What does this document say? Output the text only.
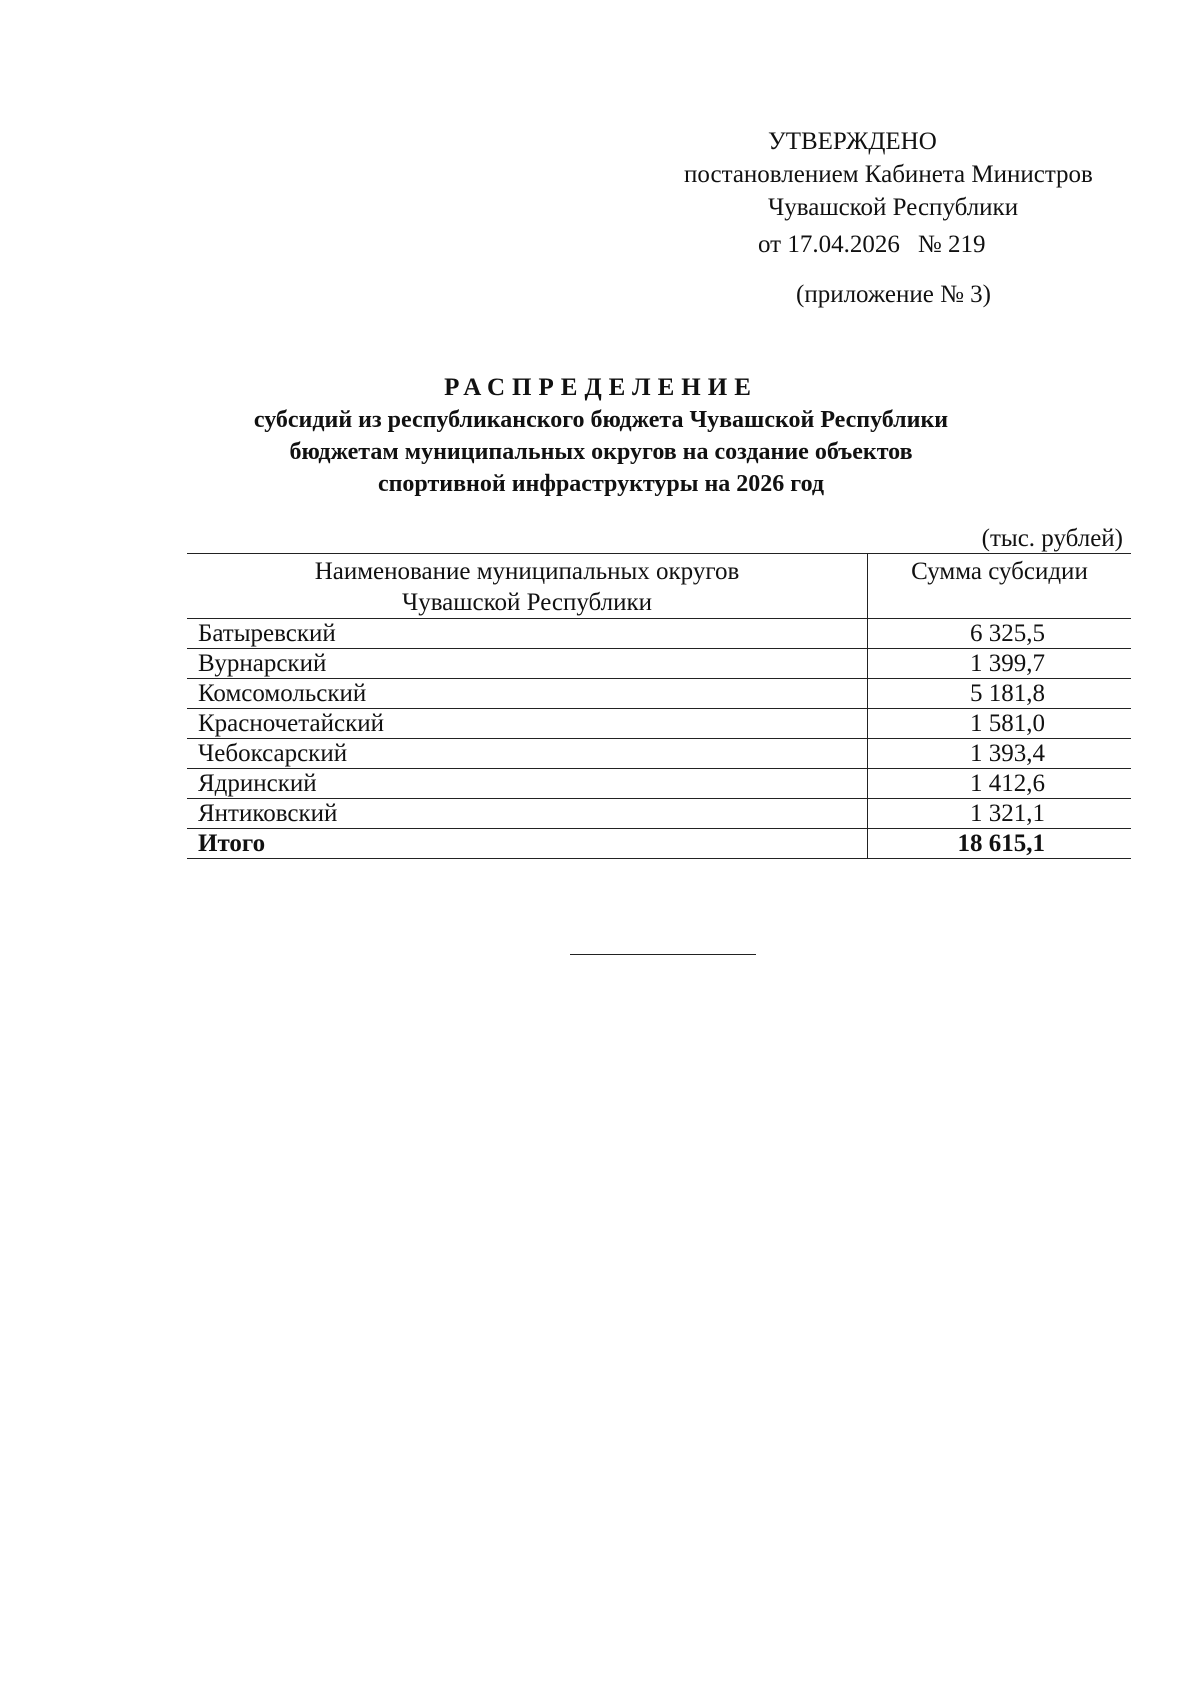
УТВЕРЖДЕНО
постановлением Кабинета Министров
Чувашской Республики
от 17.04.2026 № 219
(приложение № 3)
РАСПРЕДЕЛЕНИЕ
субсидий из республиканского бюджета Чувашской Республики
бюджетам муниципальных округов на создание объектов
спортивной инфраструктуры на 2026 год
(тыс. рублей)
Наименование муниципальных округов
Чувашской Республики	Сумма субсидии
Батыревский	6 325,5
Вурнарский	1 399,7
Комсомольский	5 181,8
Красночетайский	1 581,0
Чебоксарский	1 393,4
Ядринский	1 412,6
Янтиковский	1 321,1
Итого	18 615,1
